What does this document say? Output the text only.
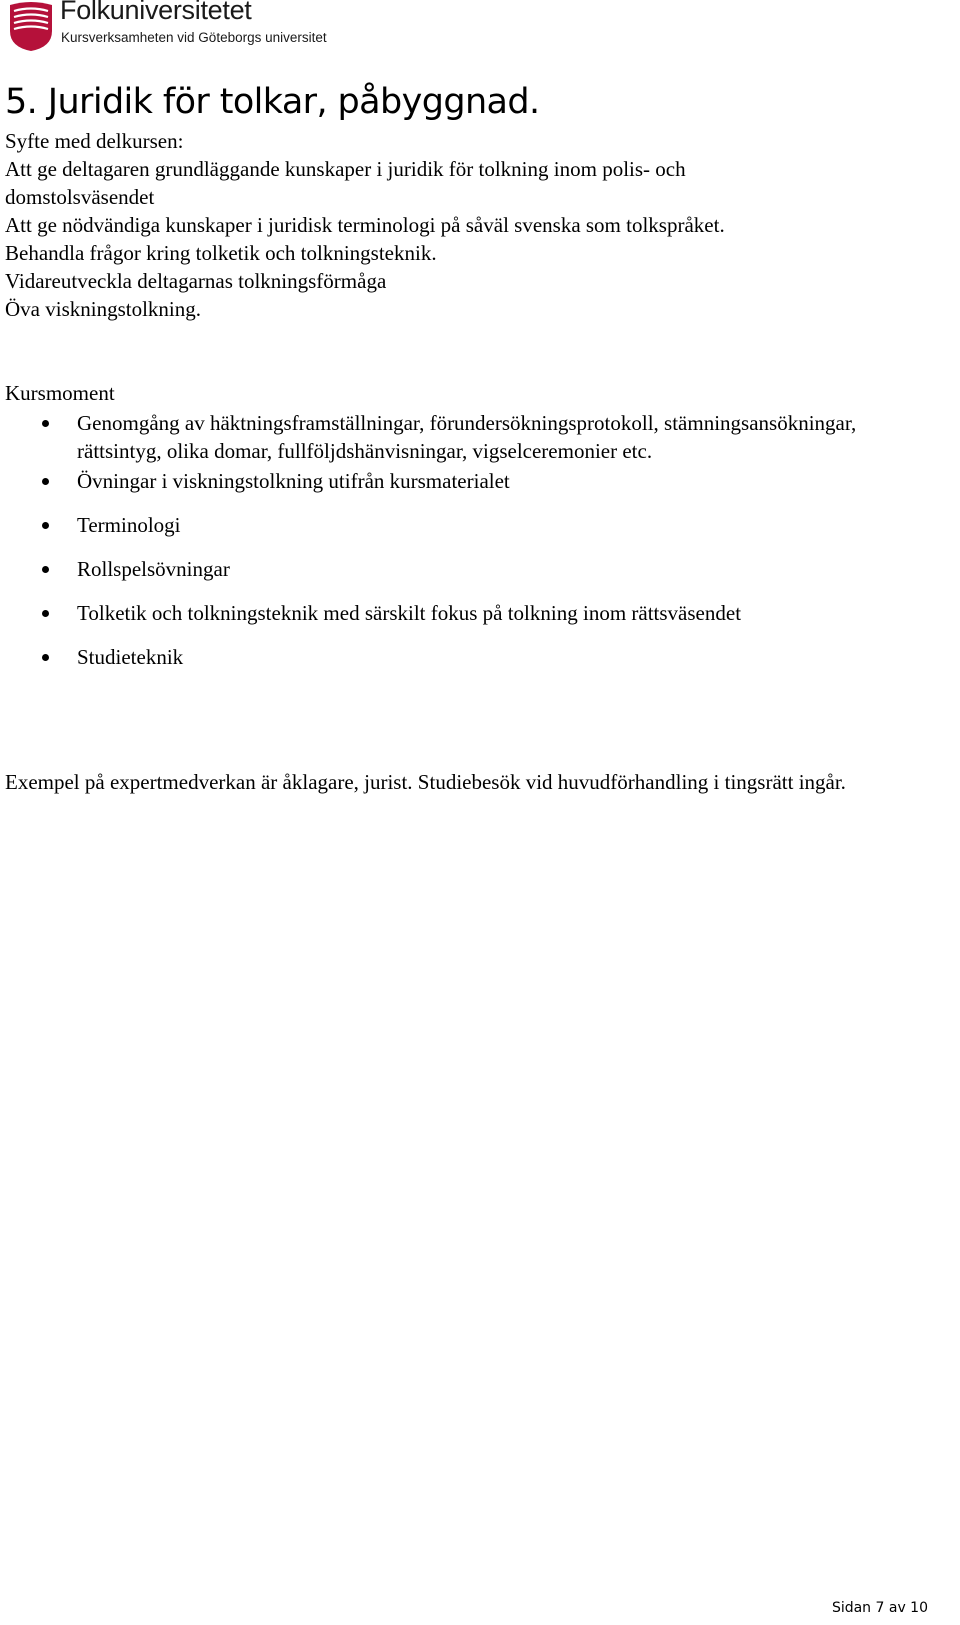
Folkuniversitetet
Kursverksamheten vid Göteborgs universitet
5. Juridik för tolkar, påbyggnad.
Syfte med delkursen:
Att ge deltagaren grundläggande kunskaper i juridik för tolkning inom polis- och
domstolsväsendet
Att ge nödvändiga kunskaper i juridisk terminologi på såväl svenska som tolkspråket.
Behandla frågor kring tolketik och tolkningsteknik.
Vidareutveckla deltagarnas tolkningsförmåga
Öva viskningstolkning.
Kursmoment
Genomgång av häktningsframställningar, förundersökningsprotokoll, stämningsansökningar, rättsintyg, olika domar, fullföljdshänvisningar, vigselceremonier etc.
Övningar i viskningstolkning utifrån kursmaterialet
Terminologi
Rollspelsövningar
Tolketik och tolkningsteknik med särskilt fokus på tolkning inom rättsväsendet
Studieteknik
Exempel på expertmedverkan är åklagare, jurist. Studiebesök vid huvudförhandling i tingsrätt ingår.
Sidan 7 av 10
